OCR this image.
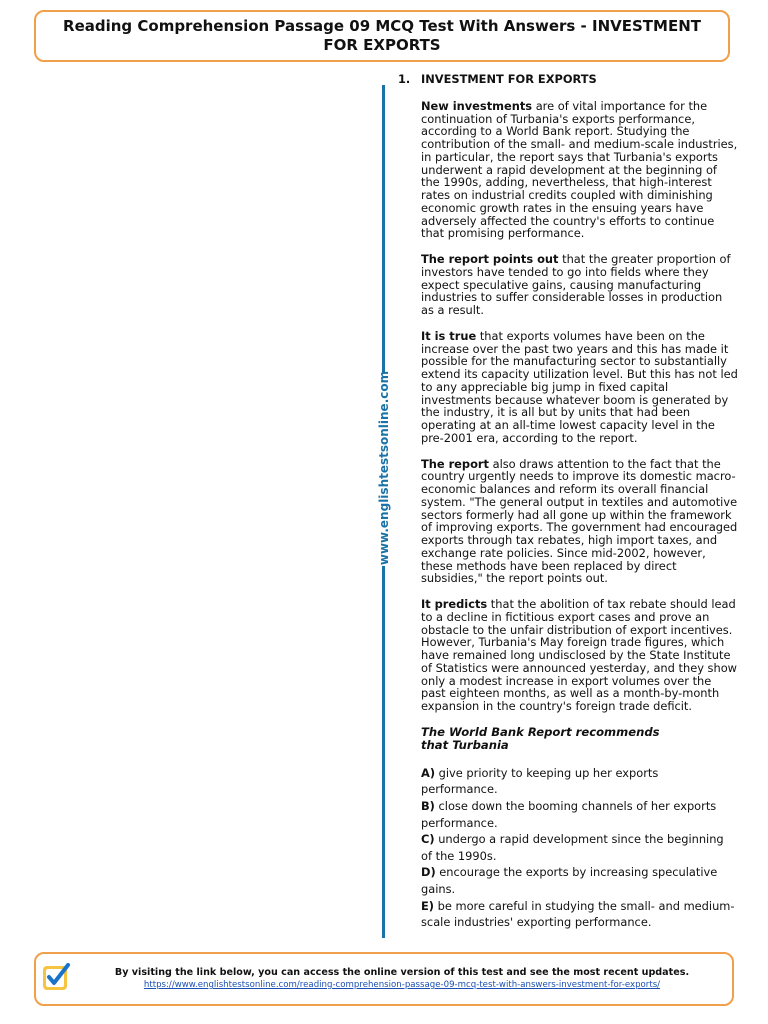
Reading Comprehension Passage 09 MCQ Test With Answers - INVESTMENT FOR EXPORTS
www.englishtestsonline.com
1. INVESTMENT FOR EXPORTS

New investments are of vital importance for the continuation of Turbania's exports performance, according to a World Bank report. Studying the contribution of the small- and medium-scale industries, in particular, the report says that Turbania's exports underwent a rapid development at the beginning of the 1990s, adding, nevertheless, that high-interest rates on industrial credits coupled with diminishing economic growth rates in the ensuing years have adversely affected the country's efforts to continue that promising performance.

The report points out that the greater proportion of investors have tended to go into fields where they expect speculative gains, causing manufacturing industries to suffer considerable losses in production as a result.

It is true that exports volumes have been on the increase over the past two years and this has made it possible for the manufacturing sector to substantially extend its capacity utilization level. But this has not led to any appreciable big jump in fixed capital investments because whatever boom is generated by the industry, it is all but by units that had been operating at an all-time lowest capacity level in the pre-2001 era, according to the report.

The report also draws attention to the fact that the country urgently needs to improve its domestic macro-economic balances and reform its overall financial system. "The general output in textiles and automotive sectors formerly had all gone up within the framework of improving exports. The government had encouraged exports through tax rebates, high import taxes, and exchange rate policies. Since mid-2002, however, these methods have been replaced by direct subsidies," the report points out.

It predicts that the abolition of tax rebate should lead to a decline in fictitious export cases and prove an obstacle to the unfair distribution of export incentives. However, Turbania's May foreign trade figures, which have remained long undisclosed by the State Institute of Statistics were announced yesterday, and they show only a modest increase in export volumes over the past eighteen months, as well as a month-by-month expansion in the country's foreign trade deficit.

The World Bank Report recommends that Turbania

A) give priority to keeping up her exports performance.
B) close down the booming channels of her exports performance.
C) undergo a rapid development since the beginning of the 1990s.
D) encourage the exports by increasing speculative gains.
E) be more careful in studying the small- and medium-scale industries' exporting performance.
By visiting the link below, you can access the online version of this test and see the most recent updates.
https://www.englishtestsonline.com/reading-comprehension-passage-09-mcq-test-with-answers-investment-for-exports/
